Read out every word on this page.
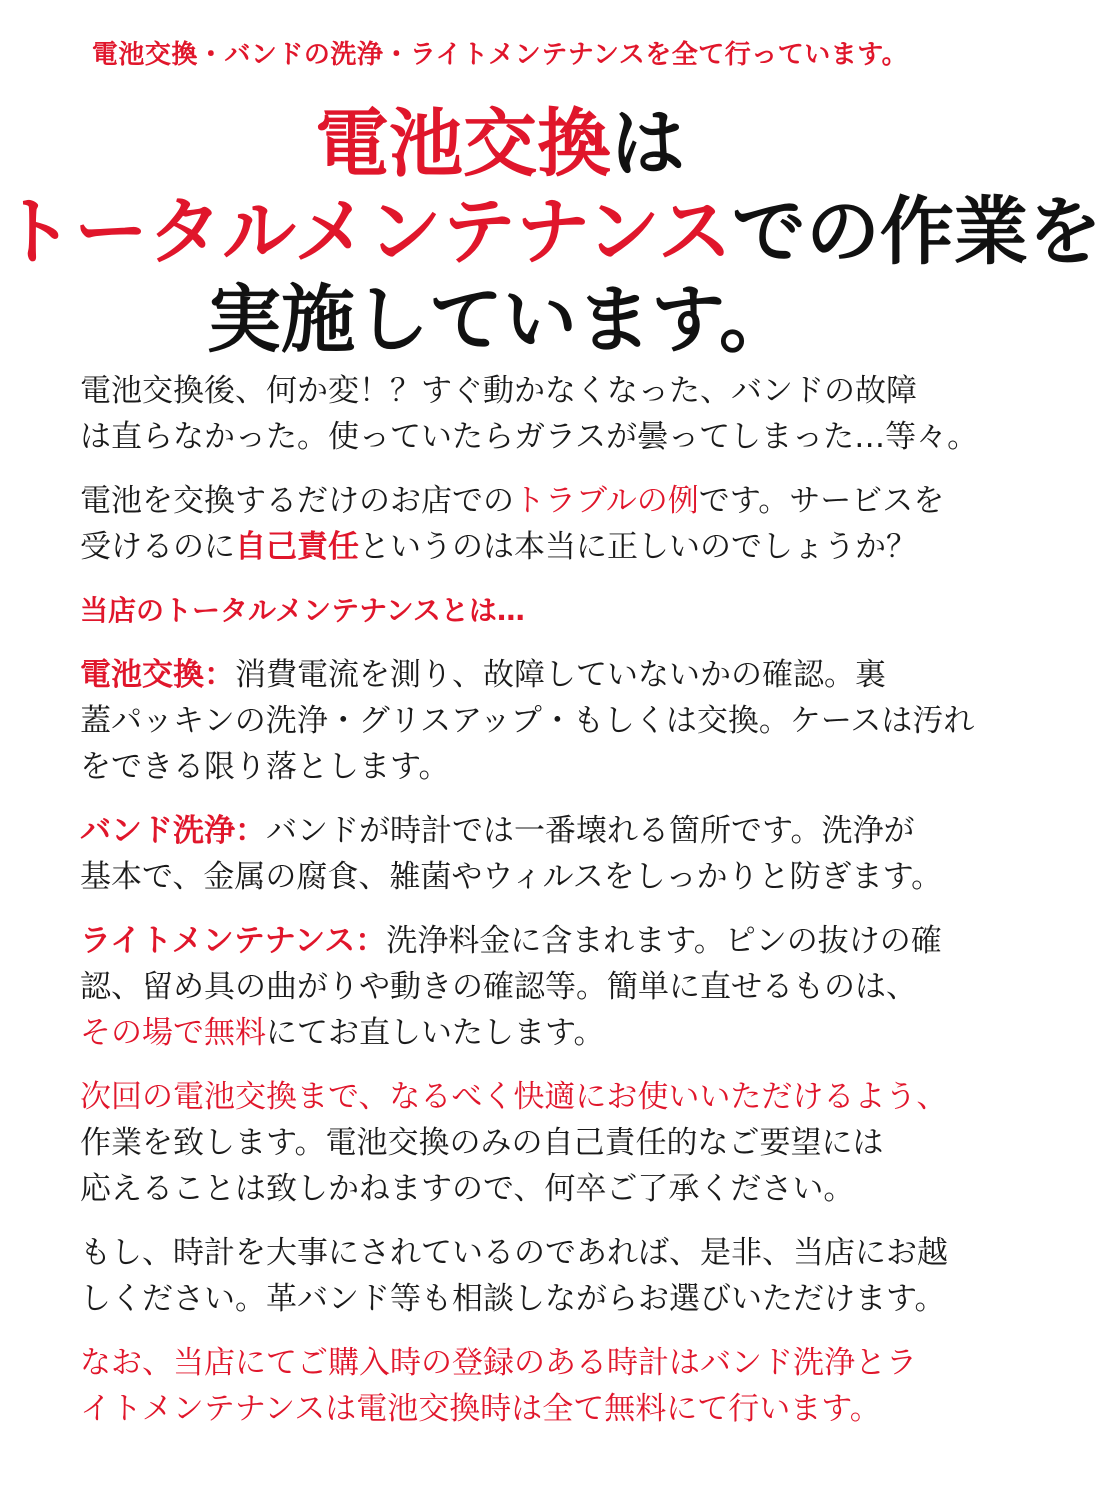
電池交換・バンドの洗浄・ライトメンテナンスを全て行っています。
電池交換は
トータルメンテナンスでの作業を
実施しています。
電池交換後、何か変！？すぐ動かなくなった、バンドの故障
は直らなかった。使っていたらガラスが曇ってしまった…等々。
電池を交換するだけのお店でのトラブルの例です。サービスを
受けるのに自己責任というのは本当に正しいのでしょうか？
当店のトータルメンテナンスとは…
電池交換：消費電流を測り、故障していないかの確認。裏
蓋パッキンの洗浄・グリスアップ・もしくは交換。ケースは汚れ
をできる限り落とします。
バンド洗浄：バンドが時計では一番壊れる箇所です。洗浄が
基本で、金属の腐食、雑菌やウィルスをしっかりと防ぎます。
ライトメンテナンス：洗浄料金に含まれます。ピンの抜けの確
認、留め具の曲がりや動きの確認等。簡単に直せるものは、
その場で無料にてお直しいたします。
次回の電池交換まで、なるべく快適にお使いいただけるよう、
作業を致します。電池交換のみの自己責任的なご要望には
応えることは致しかねますので、何卒ご了承ください。
もし、時計を大事にされているのであれば、是非、当店にお越
しください。革バンド等も相談しながらお選びいただけます。
なお、当店にてご購入時の登録のある時計はバンド洗浄とラ
イトメンテナンスは電池交換時は全て無料にて行います。
